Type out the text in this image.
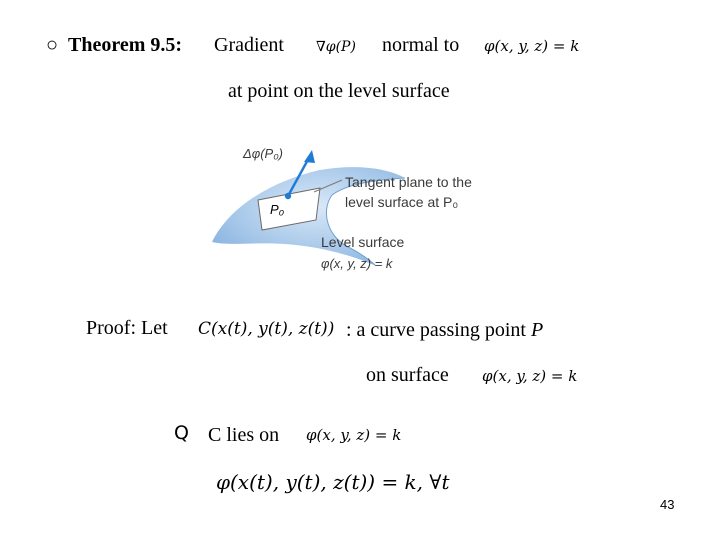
○ Theorem 9.5: Gradient ∇φ(P) normal to φ(x, y, z) = k
at point on the level surface
Δφ(P₀)
P₀
Tangent plane to the
level surface at P₀
Level surface
φ(x, y, z) = k
Proof: Let C(x(t), y(t), z(t)) : a curve passing point P
on surface φ(x, y, z) = k
Q C lies on φ(x, y, z) = k
φ(x(t), y(t), z(t)) = k, ∀t
43
